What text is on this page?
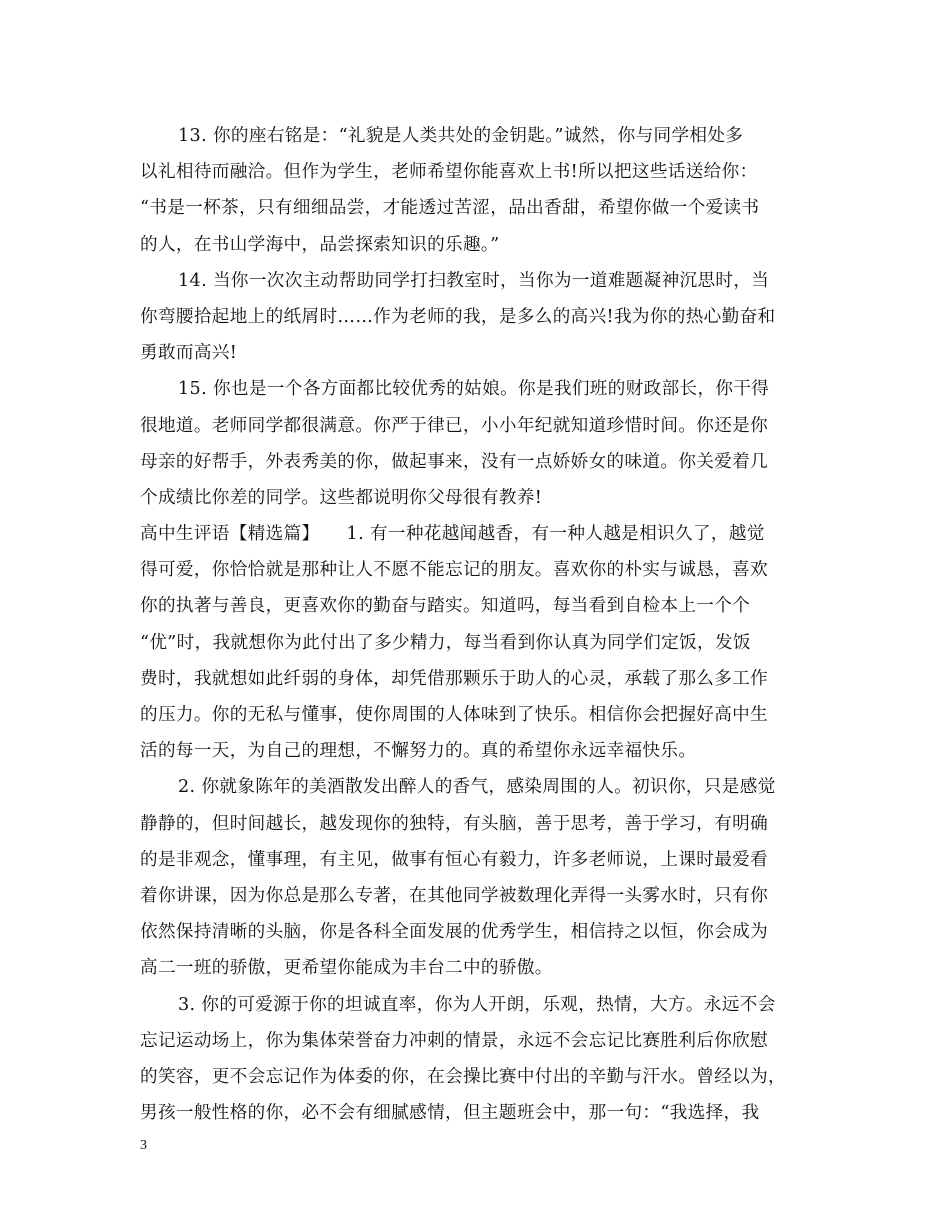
13. 你的座右铭是：“礼貌是人类共处的金钥匙。”诚然，你与同学相处多
以礼相待而融洽。但作为学生，老师希望你能喜欢上书!所以把这些话送给你：
“书是一杯茶，只有细细品尝，才能透过苦涩，品出香甜，希望你做一个爱读书
的人，在书山学海中，品尝探索知识的乐趣。”
14. 当你一次次主动帮助同学打扫教室时，当你为一道难题凝神沉思时，当
你弯腰拾起地上的纸屑时……作为老师的我，是多么的高兴!我为你的热心勤奋和
勇敢而高兴!
15. 你也是一个各方面都比较优秀的姑娘。你是我们班的财政部长，你干得
很地道。老师同学都很满意。你严于律已，小小年纪就知道珍惜时间。你还是你
母亲的好帮手，外表秀美的你，做起事来，没有一点娇娇女的味道。你关爱着几
个成绩比你差的同学。这些都说明你父母很有教养!
高中生评语【精选篇】　　1. 有一种花越闻越香，有一种人越是相识久了，越觉
得可爱，你恰恰就是那种让人不愿不能忘记的朋友。喜欢你的朴实与诚恳，喜欢
你的执著与善良，更喜欢你的勤奋与踏实。知道吗，每当看到自检本上一个个
“优”时，我就想你为此付出了多少精力，每当看到你认真为同学们定饭，发饭
费时，我就想如此纤弱的身体，却凭借那颗乐于助人的心灵，承载了那么多工作
的压力。你的无私与懂事，使你周围的人体味到了快乐。相信你会把握好高中生
活的每一天，为自己的理想，不懈努力的。真的希望你永远幸福快乐。
2. 你就象陈年的美酒散发出醉人的香气，感染周围的人。初识你，只是感觉
静静的，但时间越长，越发现你的独特，有头脑，善于思考，善于学习，有明确
的是非观念，懂事理，有主见，做事有恒心有毅力，许多老师说，上课时最爱看
着你讲课，因为你总是那么专著，在其他同学被数理化弄得一头雾水时，只有你
依然保持清晰的头脑，你是各科全面发展的优秀学生，相信持之以恒，你会成为
高二一班的骄傲，更希望你能成为丰台二中的骄傲。
3. 你的可爱源于你的坦诚直率，你为人开朗，乐观，热情，大方。永远不会
忘记运动场上，你为集体荣誉奋力冲刺的情景，永远不会忘记比赛胜利后你欣慰
的笑容，更不会忘记作为体委的你，在会操比赛中付出的辛勤与汗水。曾经以为，
男孩一般性格的你，必不会有细腻感情，但主题班会中，那一句：“我选择，我
3
